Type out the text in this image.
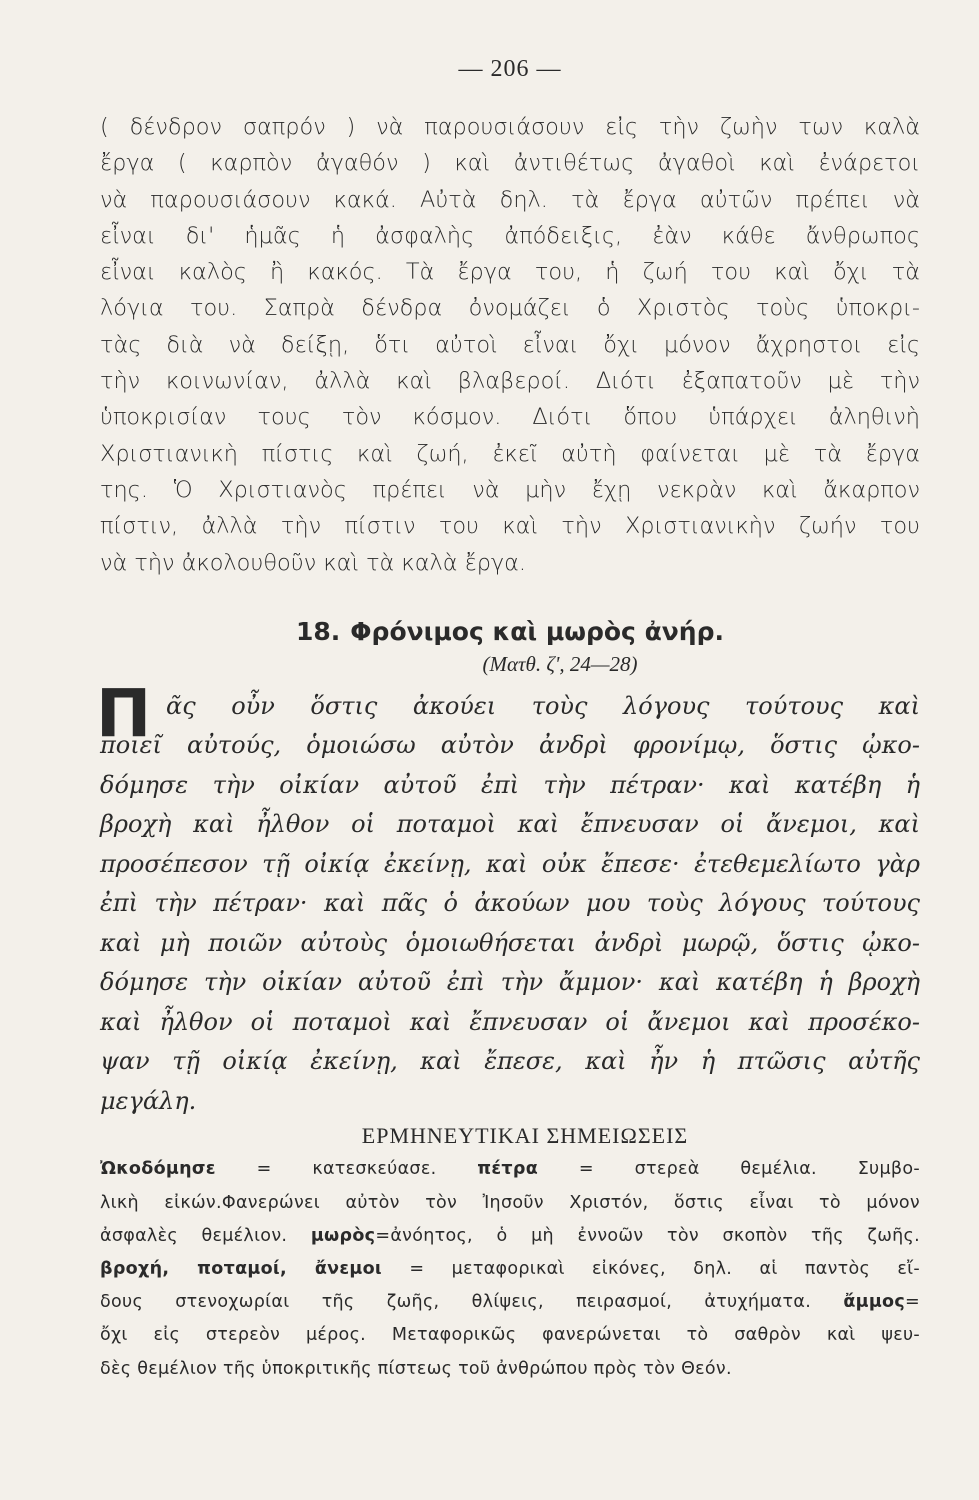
— 206 —

( δένδρον σαπρόν ) νὰ παρουσιάσουν εἰς τὴν ζωὴν των καλὰ
ἔργα ( καρπὸν ἀγαθόν ) καὶ ἀντιθέτως ἀγαθοὶ καὶ ἐνάρετοι
νὰ παρουσιάσουν κακά. Αὐτὰ δηλ. τὰ ἔργα αὐτῶν πρέπει νὰ
εἶναι δι' ἡμᾶς ἡ ἀσφαλὴς ἀπόδειξις, ἐὰν κάθε ἄνθρωπος
εἶναι καλὸς ἢ κακός. Τὰ ἔργα του, ἡ ζωή του καὶ ὄχι τὰ
λόγια του. Σαπρὰ δένδρα ὀνομάζει ὁ Χριστὸς τοὺς ὑποκρι-
τὰς διὰ νὰ δείξῃ, ὅτι αὐτοὶ εἶναι ὄχι μόνον ἄχρηστοι εἰς
τὴν κοινωνίαν, ἀλλὰ καὶ βλαβεροί. Διότι ἐξαπατοῦν μὲ τὴν
ὑποκρισίαν τους τὸν κόσμον. Διότι ὅπου ὑπάρχει ἀληθινὴ
Χριστιανικὴ πίστις καὶ ζωή, ἐκεῖ αὐτὴ φαίνεται μὲ τὰ ἔργα
της. Ὁ Χριστιανὸς πρέπει νὰ μὴν ἔχῃ νεκρὰν καὶ ἄκαρπον
πίστιν, ἀλλὰ τὴν πίστιν του καὶ τὴν Χριστιανικὴν ζωήν του
νὰ τὴν ἀκολουθοῦν καὶ τὰ καλὰ ἔργα.

18. Φρόνιμος καὶ μωρὸς ἀνήρ.
(Ματθ. ζ', 24—28)
Π ᾶς οὖν ὅστις ἀκούει τοὺς λόγους τούτους καὶ
ποιεῖ αὐτούς, ὁμοιώσω αὐτὸν ἀνδρὶ φρονίμῳ, ὅστις ᾠκο-
δόμησε τὴν οἰκίαν αὐτοῦ ἐπὶ τὴν πέτραν· καὶ κατέβη ἡ
βροχὴ καὶ ἦλθον οἱ ποταμοὶ καὶ ἔπνευσαν οἱ ἄνεμοι, καὶ
προσέπεσον τῇ οἰκίᾳ ἐκείνῃ, καὶ οὐκ ἔπεσε· ἐτεθεμελίωτο γὰρ
ἐπὶ τὴν πέτραν· καὶ πᾶς ὁ ἀκούων μου τοὺς λόγους τούτους
καὶ μὴ ποιῶν αὐτοὺς ὁμοιωθήσεται ἀνδρὶ μωρῷ, ὅστις ᾠκο-
δόμησε τὴν οἰκίαν αὐτοῦ ἐπὶ τὴν ἄμμον· καὶ κατέβη ἡ βροχὴ
καὶ ἦλθον οἱ ποταμοὶ καὶ ἔπνευσαν οἱ ἄνεμοι καὶ προσέκο-
ψαν τῇ οἰκίᾳ ἐκείνῃ, καὶ ἔπεσε, καὶ ἦν ἡ πτῶσις αὐτῆς
μεγάλη.
ΕΡΜΗΝΕΥΤΙΚΑΙ ΣΗΜΕΙΩΣΕΙΣ
Ὠκοδόμησε = κατεσκεύασε. πέτρα = στερεὰ θεμέλια. Συμβο-
λικὴ εἰκών.Φανερώνει αὐτὸν τὸν Ἰησοῦν Χριστόν, ὅστις εἶναι τὸ μόνον
ἀσφαλὲς θεμέλιον. μωρὸς=ἀνόητος, ὁ μὴ ἐννοῶν τὸν σκοπὸν τῆς ζωῆς.
βροχή, ποταμοί, ἄνεμοι = μεταφορικαὶ εἰκόνες, δηλ. αἱ παντὸς εἴ-
δους στενοχωρίαι τῆς ζωῆς, θλίψεις, πειρασμοί, ἀτυχήματα. ἄμμος=
ὄχι εἰς στερεὸν μέρος. Μεταφορικῶς φανερώνεται τὸ σαθρὸν καὶ ψευ-
δὲς θεμέλιον τῆς ὑποκριτικῆς πίστεως τοῦ ἀνθρώπου πρὸς τὸν Θεόν.
